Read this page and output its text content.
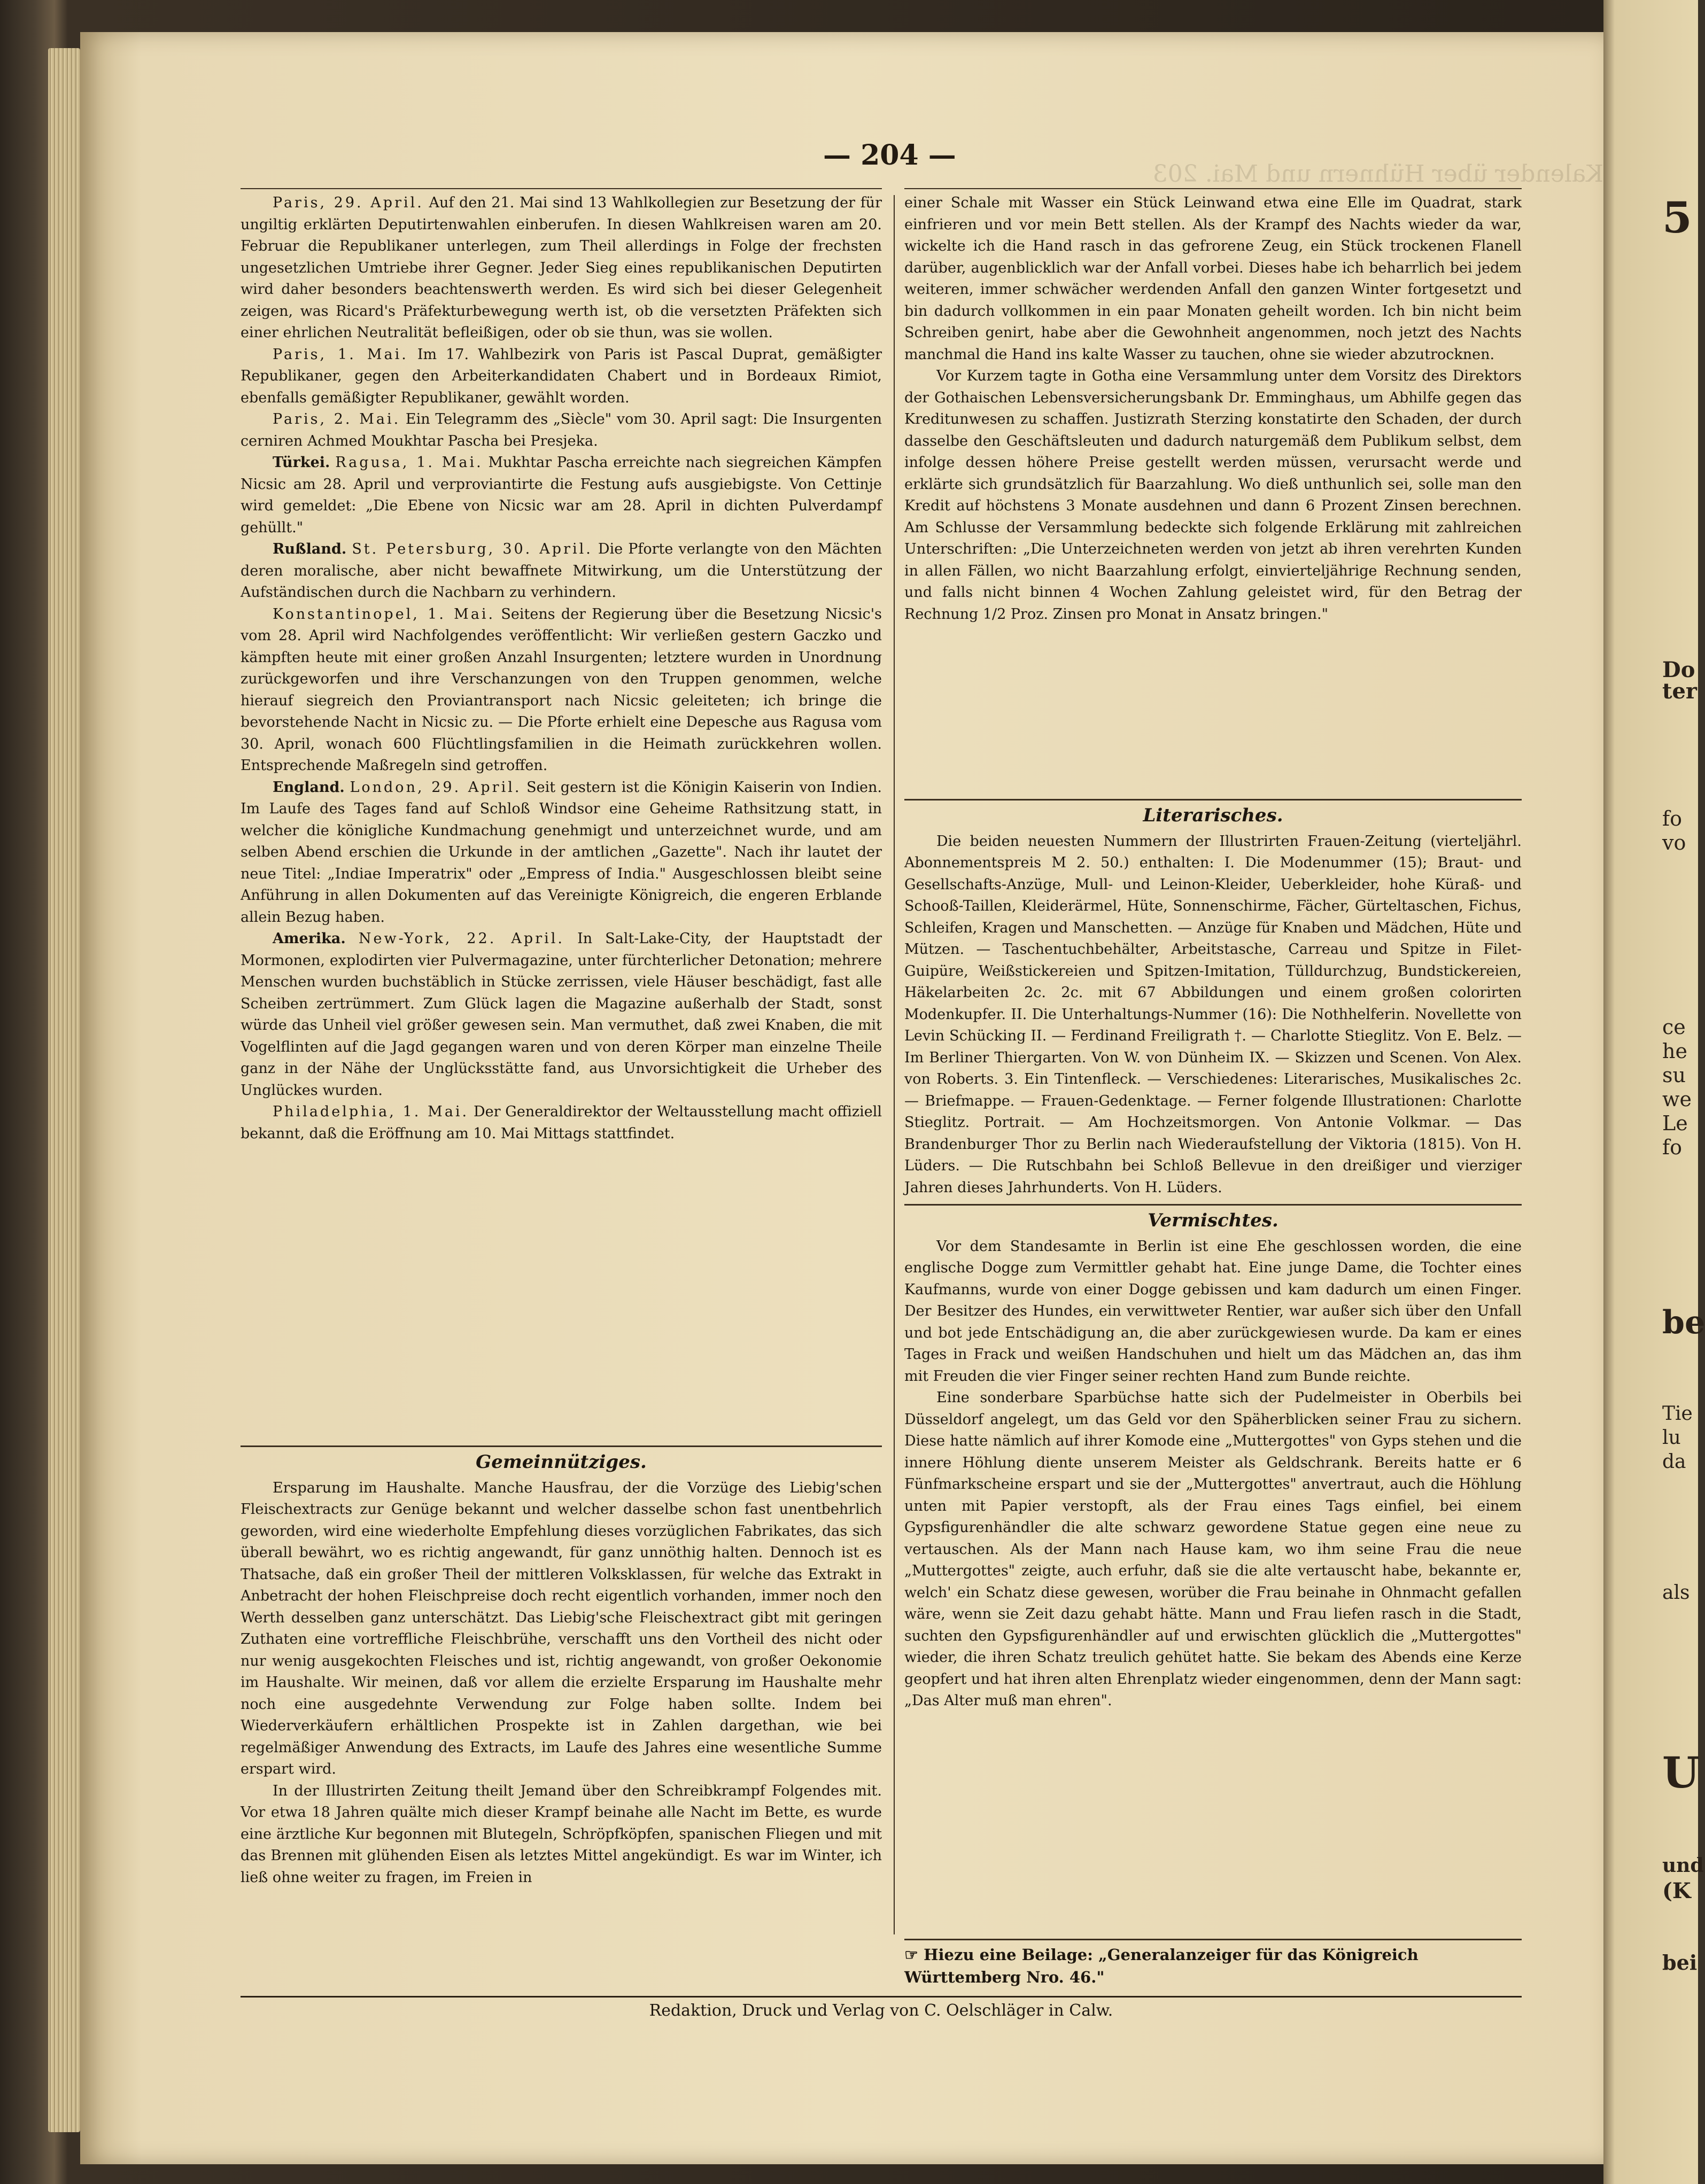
5
Do
ter
fo
vo
ce
he
su
we
Le
fo
be
Tie
lu
da
als
U
und
(K
bei
Kalender über Hühnern und Mai. 203
— 204 —

Paris, 29. April. Auf den 21. Mai sind 13 Wahlkollegien zur Besetzung der für ungiltig erklärten Deputirtenwahlen einberufen. In diesen Wahlkreisen waren am 20. Februar die Republikaner unterlegen, zum Theil allerdings in Folge der frechsten ungesetzlichen Umtriebe ihrer Gegner. Jeder Sieg eines republikanischen Deputirten wird daher besonders beachtenswerth werden. Es wird sich bei dieser Gelegenheit zeigen, was Ricard's Präfekturbewegung werth ist, ob die versetzten Präfekten sich einer ehrlichen Neutralität befleißigen, oder ob sie thun, was sie wollen.

Paris, 1. Mai. Im 17. Wahlbezirk von Paris ist Pascal Duprat, gemäßigter Republikaner, gegen den Arbeiterkandidaten Chabert und in Bordeaux Rimiot, ebenfalls gemäßigter Republikaner, gewählt worden.

Paris, 2. Mai. Ein Telegramm des „Siècle" vom 30. April sagt: Die Insurgenten cerniren Achmed Moukhtar Pascha bei Presjeka.

Türkei. Ragusa, 1. Mai. Mukhtar Pascha erreichte nach siegreichen Kämpfen Nicsic am 28. April und verproviantirte die Festung aufs ausgiebigste. Von Cettinje wird gemeldet: „Die Ebene von Nicsic war am 28. April in dichten Pulverdampf gehüllt."

Rußland. St. Petersburg, 30. April. Die Pforte verlangte von den Mächten deren moralische, aber nicht bewaffnete Mitwirkung, um die Unterstützung der Aufständischen durch die Nachbarn zu verhindern.

Konstantinopel, 1. Mai. Seitens der Regierung über die Besetzung Nicsic's vom 28. April wird Nachfolgendes veröffentlicht: Wir verließen gestern Gaczko und kämpften heute mit einer großen Anzahl Insurgenten; letztere wurden in Unordnung zurückgeworfen und ihre Verschanzungen von den Truppen genommen, welche hierauf siegreich den Proviantransport nach Nicsic geleiteten; ich bringe die bevorstehende Nacht in Nicsic zu. — Die Pforte erhielt eine Depesche aus Ragusa vom 30. April, wonach 600 Flüchtlingsfamilien in die Heimath zurückkehren wollen. Entsprechende Maßregeln sind getroffen.

England. London, 29. April. Seit gestern ist die Königin Kaiserin von Indien. Im Laufe des Tages fand auf Schloß Windsor eine Geheime Rathsitzung statt, in welcher die königliche Kundmachung genehmigt und unterzeichnet wurde, und am selben Abend erschien die Urkunde in der amtlichen „Gazette". Nach ihr lautet der neue Titel: „Indiae Imperatrix" oder „Empress of India." Ausgeschlossen bleibt seine Anführung in allen Dokumenten auf das Vereinigte Königreich, die engeren Erblande allein Bezug haben.

Amerika. New-York, 22. April. In Salt-Lake-City, der Hauptstadt der Mormonen, explodirten vier Pulvermagazine, unter fürchterlicher Detonation; mehrere Menschen wurden buchstäblich in Stücke zerrissen, viele Häuser beschädigt, fast alle Scheiben zertrümmert. Zum Glück lagen die Magazine außerhalb der Stadt, sonst würde das Unheil viel größer gewesen sein. Man vermuthet, daß zwei Knaben, die mit Vogelflinten auf die Jagd gegangen waren und von deren Körper man einzelne Theile ganz in der Nähe der Unglücksstätte fand, aus Unvorsichtigkeit die Urheber des Unglückes wurden.

Philadelphia, 1. Mai. Der Generaldirektor der Weltausstellung macht offiziell bekannt, daß die Eröffnung am 10. Mai Mittags stattfindet.

Gemeinnütziges.

Ersparung im Haushalte. Manche Hausfrau, der die Vorzüge des Liebig'schen Fleischextracts zur Genüge bekannt und welcher dasselbe schon fast unentbehrlich geworden, wird eine wiederholte Empfehlung dieses vorzüglichen Fabrikates, das sich überall bewährt, wo es richtig angewandt, für ganz unnöthig halten. Dennoch ist es Thatsache, daß ein großer Theil der mittleren Volksklassen, für welche das Extrakt in Anbetracht der hohen Fleischpreise doch recht eigentlich vorhanden, immer noch den Werth desselben ganz unterschätzt. Das Liebig'sche Fleischextract gibt mit geringen Zuthaten eine vortreffliche Fleischbrühe, verschafft uns den Vortheil des nicht oder nur wenig ausgekochten Fleisches und ist, richtig angewandt, von großer Oekonomie im Haushalte. Wir meinen, daß vor allem die erzielte Ersparung im Haushalte mehr noch eine ausgedehnte Verwendung zur Folge haben sollte. Indem bei Wiederverkäufern erhältlichen Prospekte ist in Zahlen dargethan, wie bei regelmäßiger Anwendung des Extracts, im Laufe des Jahres eine wesentliche Summe erspart wird.

In der Illustrirten Zeitung theilt Jemand über den Schreibkrampf Folgendes mit. Vor etwa 18 Jahren quälte mich dieser Krampf beinahe alle Nacht im Bette, es wurde eine ärztliche Kur begonnen mit Blutegeln, Schröpfköpfen, spanischen Fliegen und mit das Brennen mit glühenden Eisen als letztes Mittel angekündigt. Es war im Winter, ich ließ ohne weiter zu fragen, im Freien in

einer Schale mit Wasser ein Stück Leinwand etwa eine Elle im Quadrat, stark einfrieren und vor mein Bett stellen. Als der Krampf des Nachts wieder da war, wickelte ich die Hand rasch in das gefrorene Zeug, ein Stück trockenen Flanell darüber, augenblicklich war der Anfall vorbei. Dieses habe ich beharrlich bei jedem weiteren, immer schwächer werdenden Anfall den ganzen Winter fortgesetzt und bin dadurch vollkommen in ein paar Monaten geheilt worden. Ich bin nicht beim Schreiben genirt, habe aber die Gewohnheit angenommen, noch jetzt des Nachts manchmal die Hand ins kalte Wasser zu tauchen, ohne sie wieder abzutrocknen.

Vor Kurzem tagte in Gotha eine Versammlung unter dem Vorsitz des Direktors der Gothaischen Lebensversicherungsbank Dr. Emminghaus, um Abhilfe gegen das Kreditunwesen zu schaffen. Justizrath Sterzing konstatirte den Schaden, der durch dasselbe den Geschäftsleuten und dadurch naturgemäß dem Publikum selbst, dem infolge dessen höhere Preise gestellt werden müssen, verursacht werde und erklärte sich grundsätzlich für Baarzahlung. Wo dieß unthunlich sei, solle man den Kredit auf höchstens 3 Monate ausdehnen und dann 6 Prozent Zinsen berechnen. Am Schlusse der Versammlung bedeckte sich folgende Erklärung mit zahlreichen Unterschriften: „Die Unterzeichneten werden von jetzt ab ihren verehrten Kunden in allen Fällen, wo nicht Baarzahlung erfolgt, einvierteljährige Rechnung senden, und falls nicht binnen 4 Wochen Zahlung geleistet wird, für den Betrag der Rechnung 1/2 Proz. Zinsen pro Monat in Ansatz bringen."

Literarisches.

Die beiden neuesten Nummern der Illustrirten Frauen-Zeitung (vierteljährl. Abonnementspreis M 2. 50.) enthalten: I. Die Modenummer (15); Braut- und Gesellschafts-Anzüge, Mull- und Leinon-Kleider, Ueberkleider, hohe Küraß- und Schooß-Taillen, Kleiderärmel, Hüte, Sonnenschirme, Fächer, Gürteltaschen, Fichus, Schleifen, Kragen und Manschetten. — Anzüge für Knaben und Mädchen, Hüte und Mützen. — Taschentuchbehälter, Arbeitstasche, Carreau und Spitze in Filet-Guipüre, Weißstickereien und Spitzen-Imitation, Tülldurchzug, Bundstickereien, Häkelarbeiten 2c. 2c. mit 67 Abbildungen und einem großen colorirten Modenkupfer. II. Die Unterhaltungs-Nummer (16): Die Nothhelferin. Novellette von Levin Schücking II. — Ferdinand Freiligrath †. — Charlotte Stieglitz. Von E. Belz. — Im Berliner Thiergarten. Von W. von Dünheim IX. — Skizzen und Scenen. Von Alex. von Roberts. 3. Ein Tintenfleck. — Verschiedenes: Literarisches, Musikalisches 2c. — Briefmappe. — Frauen-Gedenktage. — Ferner folgende Illustrationen: Charlotte Stieglitz. Portrait. — Am Hochzeitsmorgen. Von Antonie Volkmar. — Das Brandenburger Thor zu Berlin nach Wiederaufstellung der Viktoria (1815). Von H. Lüders. — Die Rutschbahn bei Schloß Bellevue in den dreißiger und vierziger Jahren dieses Jahrhunderts. Von H. Lüders.

Vermischtes.

Vor dem Standesamte in Berlin ist eine Ehe geschlossen worden, die eine englische Dogge zum Vermittler gehabt hat. Eine junge Dame, die Tochter eines Kaufmanns, wurde von einer Dogge gebissen und kam dadurch um einen Finger. Der Besitzer des Hundes, ein verwittweter Rentier, war außer sich über den Unfall und bot jede Entschädigung an, die aber zurückgewiesen wurde. Da kam er eines Tages in Frack und weißen Handschuhen und hielt um das Mädchen an, das ihm mit Freuden die vier Finger seiner rechten Hand zum Bunde reichte.

Eine sonderbare Sparbüchse hatte sich der Pudelmeister in Oberbils bei Düsseldorf angelegt, um das Geld vor den Späherblicken seiner Frau zu sichern. Diese hatte nämlich auf ihrer Komode eine „Muttergottes" von Gyps stehen und die innere Höhlung diente unserem Meister als Geldschrank. Bereits hatte er 6 Fünfmarkscheine erspart und sie der „Muttergottes" anvertraut, auch die Höhlung unten mit Papier verstopft, als der Frau eines Tags einfiel, bei einem Gypsfigurenhändler die alte schwarz gewordene Statue gegen eine neue zu vertauschen. Als der Mann nach Hause kam, wo ihm seine Frau die neue „Muttergottes" zeigte, auch erfuhr, daß sie die alte vertauscht habe, bekannte er, welch' ein Schatz diese gewesen, worüber die Frau beinahe in Ohnmacht gefallen wäre, wenn sie Zeit dazu gehabt hätte. Mann und Frau liefen rasch in die Stadt, suchten den Gypsfigurenhändler auf und erwischten glücklich die „Muttergottes" wieder, die ihren Schatz treulich gehütet hatte. Sie bekam des Abends eine Kerze geopfert und hat ihren alten Ehrenplatz wieder eingenommen, denn der Mann sagt: „Das Alter muß man ehren".

☞ Hiezu eine Beilage: „Generalanzeiger für das Königreich Württemberg Nro. 46."
Redaktion, Druck und Verlag von C. Oelschläger in Calw.
